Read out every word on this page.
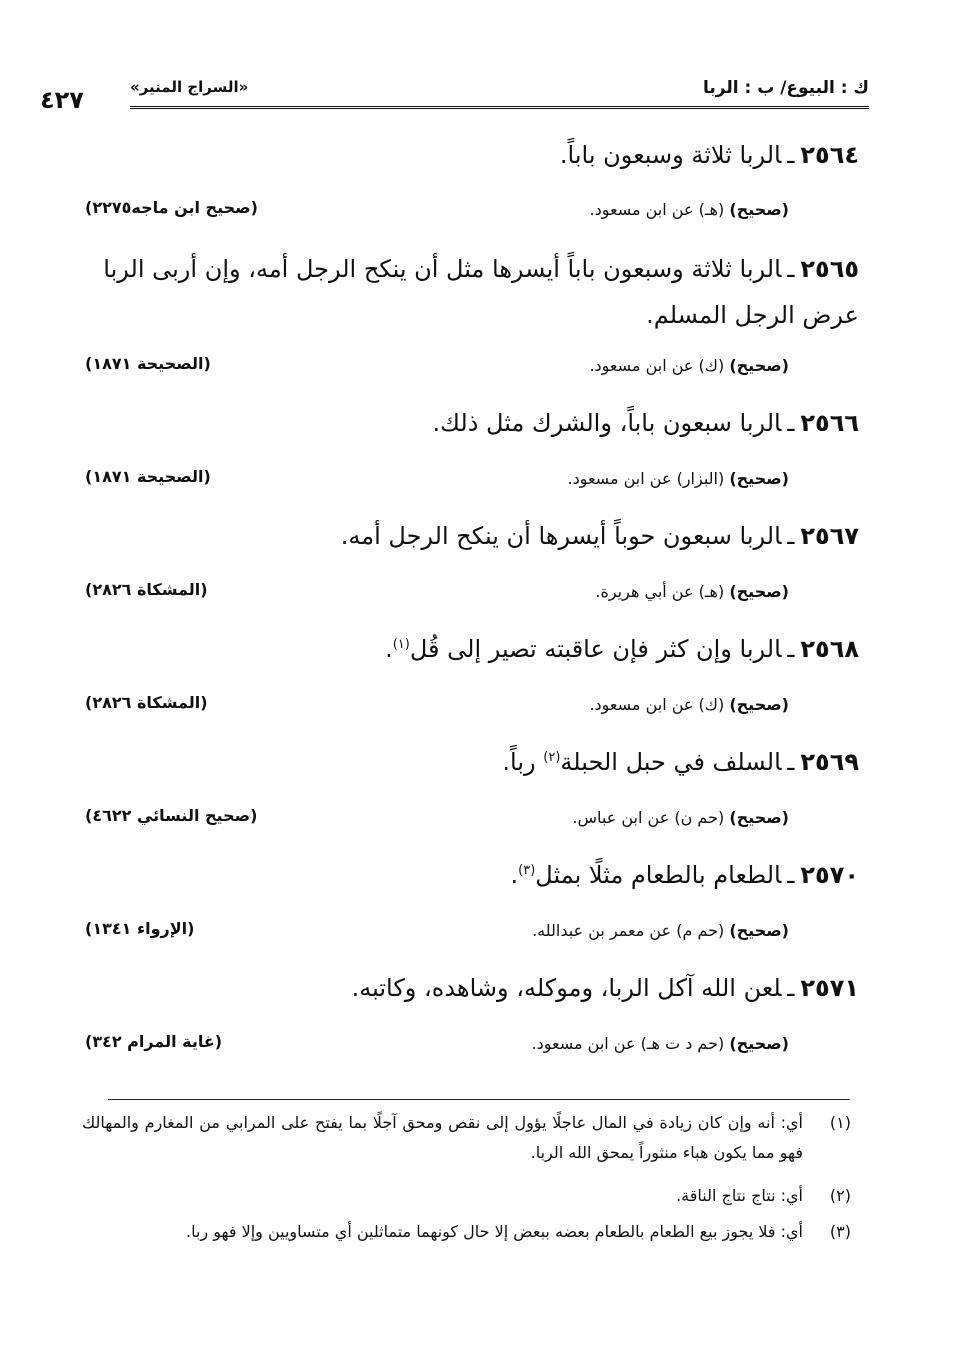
ك : البيوع/ ب : الربا
«السراج المنير»
٤٢٧
٢٥٦٤ـالربا ثلاثة وسبعون باباً.
(صحيح) (هـ) عن ابن مسعود.
(صحيح ابن ماجه٢٢٧٥)
٢٥٦٥ـالربا ثلاثة وسبعون باباً أيسرها مثل أن ينكح الرجل أمه، وإن أربى الربا عرض الرجل المسلم.
(صحيح) (ك) عن ابن مسعود.
(الصحيحة ١٨٧١)
٢٥٦٦ـالربا سبعون باباً، والشرك مثل ذلك.
(صحيح) (البزار) عن ابن مسعود.
(الصحيحة ١٨٧١)
٢٥٦٧ـالربا سبعون حوباً أيسرها أن ينكح الرجل أمه.
(صحيح) (هـ) عن أبي هريرة.
(المشكاة ٢٨٢٦)
٢٥٦٨ـالربا وإن كثر فإن عاقبته تصير إلى قُل$^{(١)}$.
(صحيح) (ك) عن ابن مسعود.
(المشكاة ٢٨٢٦)
٢٥٦٩ـالسلف في حبل الحبلة$^{(٢)}$ رباً.
(صحيح) (حم ن) عن ابن عباس.
(صحيح النسائي ٤٦٢٢)
٢٥٧٠ـالطعام بالطعام مثلًا بمثل$^{(٣)}$.
(صحيح) (حم م) عن معمر بن عبدالله.
(الإرواء ١٣٤١)
٢٥٧١ـلعن الله آكل الربا، وموكله، وشاهده، وكاتبه.
(صحيح) (حم د ت هـ) عن ابن مسعود.
(غاية المرام ٣٤٢)
(١)
أي: أنه وإن كان زيادة في المال عاجلًا يؤول إلى نقص ومحق آجلًا بما يفتح على المرابي من المغارم والمهالك فهو مما يكون هباء منثوراً يمحق الله الربا.
(٢)
أي: نتاج نتاج الناقة.
(٣)
أي: فلا يجوز بيع الطعام بالطعام بعضه ببعض إلا حال كونهما متماثلين أي متساويين وإلا فهو ربا.
